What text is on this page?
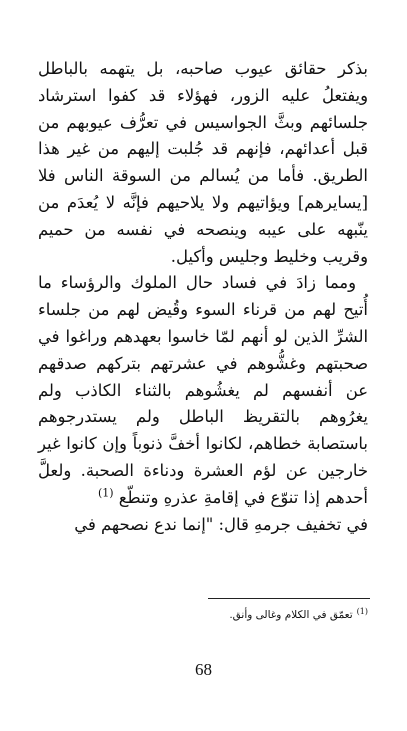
بذكر حقائق عيوب صاحبه، بل يتهمه بالباطل ويفتعلُ عليه الزور، فهؤلاء قد كفوا استرشاد جلسائهم وبثَّ الجواسيس في تعرُّف عيوبهم من قبل أعدائهم، فإنهم قد جُلبت إليهم من غير هذا الطريق. فأما من يُسالم من السوقة الناس فلا [يسايرهم] ويؤاتيهم ولا يلاحيهم فإنَّه لا يُعدَم من ينّبهه على عيبه وينصحه في نفسه من حميم وقريب وخليط وجليس وأكيل.

ومما زادَ في فساد حال الملوك والرؤساء ما أُتيح لهم من قرناء السوء وقُيض لهم من جلساء الشرِّ الذين لو أنهم لمّا خاسوا بعهدهم وراغوا في صحبتهم وغشُّوهم في عشرتهم بتركهم صدقهم عن أنفسهم لم يغشُوهم بالثناء الكاذب ولم يغرُوهم بالتقريظ الباطل ولم يستدرجوهم باستصابة خطاهم، لكانوا أخفَّ ذنوباً وإن كانوا غير خارجين عن لؤم العشرة ودناءة الصحبة. ولعلَّ أحدهم إذا تنوّع في إقامةِ عذرهِ وتنطّع $^{(1)}$

في تخفيف جرمهِ قال: "إنما ندع نصحهم في

$^{(1)}$تعمّق في الكلام وغالى وأنق.

68
